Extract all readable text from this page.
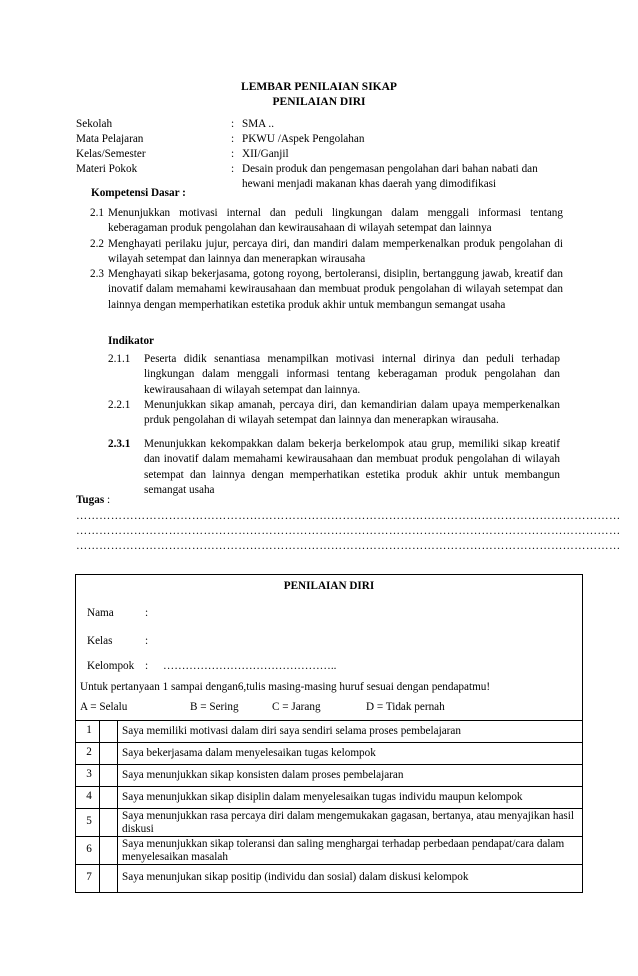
LEMBAR PENILAIAN SIKAP
PENILAIAN DIRI
Sekolah	: SMA ..
Mata Pelajaran	: PKWU /Aspek Pengolahan
Kelas/Semester	: XII/Ganjil
Materi Pokok	: Desain produk dan pengemasan pengolahan dari bahan nabati dan hewani menjadi makanan khas daerah yang dimodifikasi
Kompetensi Dasar :
2.1 Menunjukkan motivasi internal dan peduli lingkungan dalam menggali informasi tentang keberagaman produk pengolahan dan kewirausahaan di wilayah setempat dan lainnya
2.2 Menghayati perilaku jujur, percaya diri, dan mandiri dalam memperkenalkan produk pengolahan di wilayah setempat dan lainnya dan menerapkan wirausaha
2.3 Menghayati sikap bekerjasama, gotong royong, bertoleransi, disiplin, bertanggung jawab, kreatif dan inovatif dalam memahami kewirausahaan dan membuat produk pengolahan di wilayah setempat dan lainnya dengan memperhatikan estetika produk akhir untuk membangun semangat usaha
Indikator
2.1.1	Peserta didik senantiasa menampilkan motivasi internal dirinya dan peduli terhadap lingkungan dalam menggali informasi tentang keberagaman produk pengolahan dan kewirausahaan di wilayah setempat dan lainnya.
2.2.1	Menunjukkan sikap amanah, percaya diri, dan kemandirian dalam upaya memperkenalkan prduk pengolahan di wilayah setempat dan lainnya dan menerapkan wirausaha.
2.3.1	Menunjukkan kekompakkan dalam bekerja berkelompok atau grup, memiliki sikap kreatif dan inovatif dalam memahami kewirausahaan dan membuat produk pengolahan di wilayah setempat dan lainnya dengan memperhatikan estetika produk akhir untuk membangun semangat usaha
Tugas :
……………………………………………………………………………………………………………………………
……………………………………………………………………………………………………………………………
……………………………………………………………………………………………………………………………
PENILAIAN DIRI
Nama	:
Kelas	:
Kelompok : ………………………………………..
Untuk pertanyaan 1 sampai dengan6,tulis masing-masing huruf sesuai dengan pendapatmu!
A = Selalu	B = Sering	C = Jarang	D = Tidak pernah
1	Saya memiliki motivasi dalam diri saya sendiri selama proses pembelajaran
2	Saya bekerjasama dalam menyelesaikan tugas kelompok
3	Saya menunjukkan sikap konsisten dalam proses pembelajaran
4	Saya menunjukkan sikap disiplin dalam menyelesaikan tugas individu maupun kelompok
5	Saya menunjukkan rasa percaya diri dalam mengemukakan gagasan, bertanya, atau menyajikan hasil diskusi
6	Saya menunjukkan sikap toleransi dan saling menghargai terhadap perbedaan pendapat/cara dalam menyelesaikan masalah
7	Saya menunjukan sikap positip (individu dan sosial) dalam diskusi kelompok
